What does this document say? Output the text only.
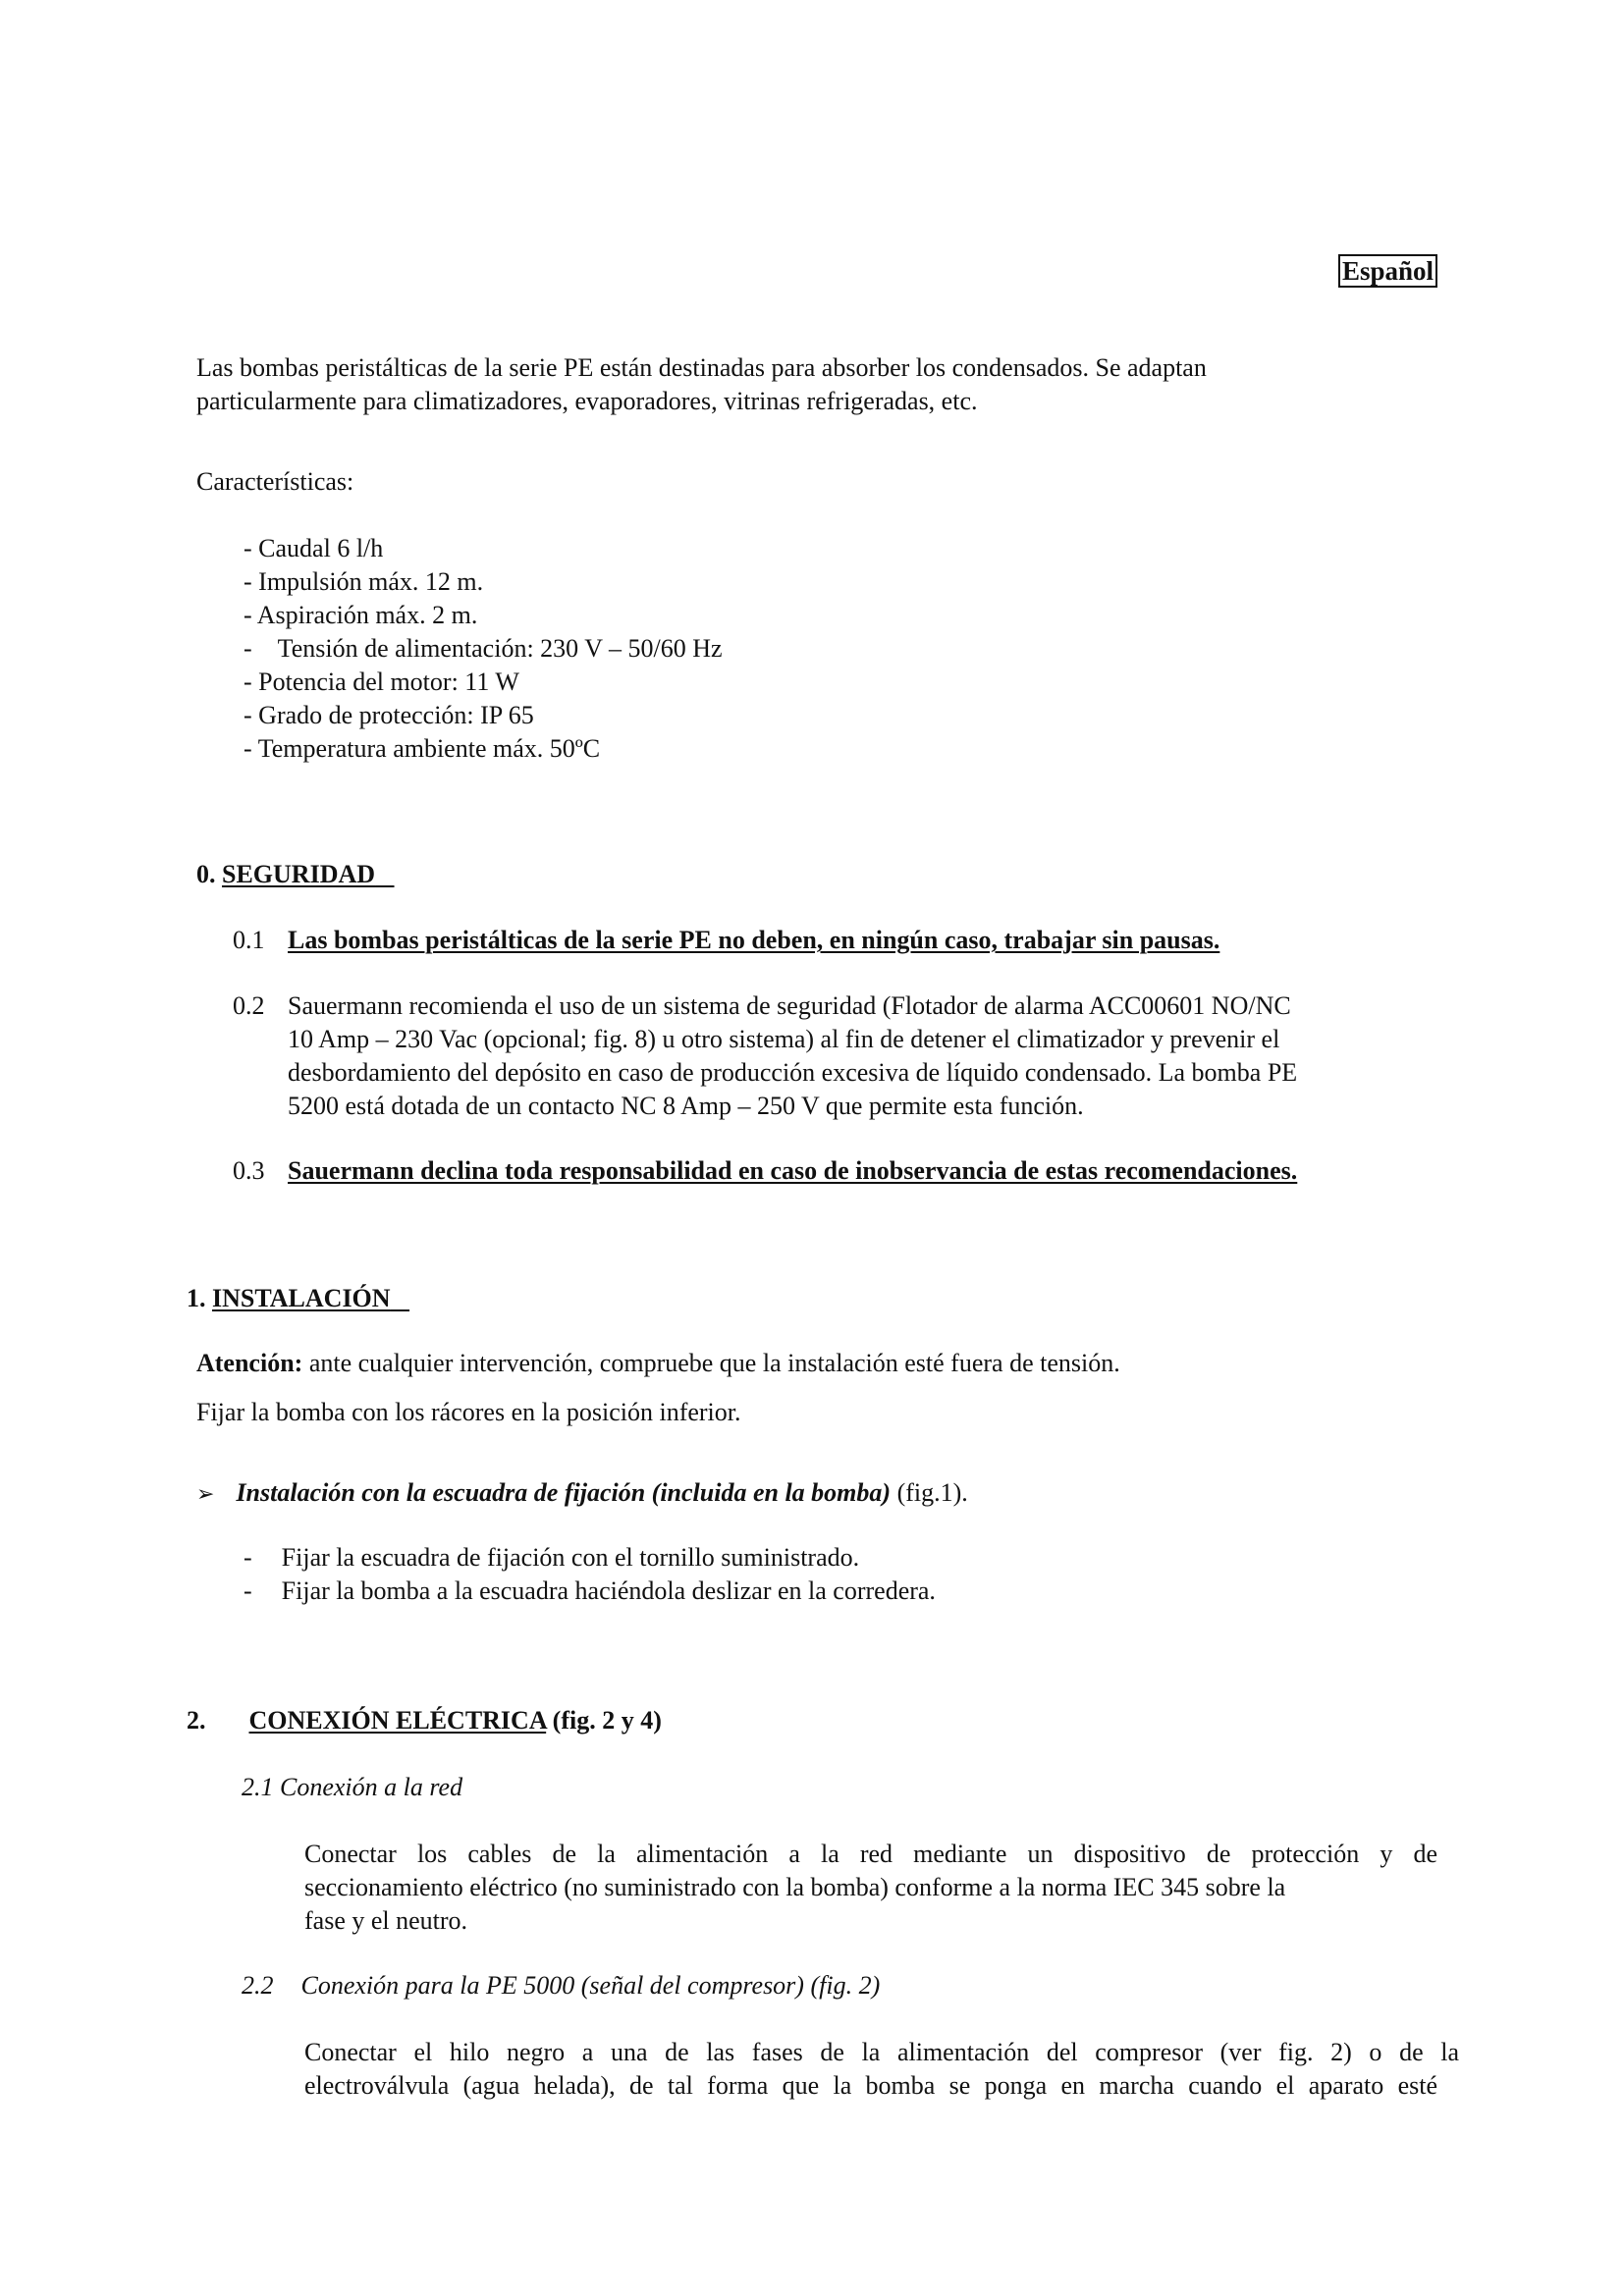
Español
Las bombas peristálticas de la serie PE están destinadas para absorber los condensados. Se adaptan
particularmente para climatizadores, evaporadores, vitrinas refrigeradas, etc.
Características:
- Caudal 6 l/h
- Impulsión máx. 12 m.
- Aspiración máx. 2 m.
- Tensión de alimentación: 230 V – 50/60 Hz
- Potencia del motor: 11 W
- Grado de protección: IP 65
- Temperatura ambiente máx. 50ºC
0. SEGURIDAD
0.1 Las bombas peristálticas de la serie PE no deben, en ningún caso, trabajar sin pausas.
0.2 Sauermann recomienda el uso de un sistema de seguridad (Flotador de alarma ACC00601 NO/NC
10 Amp – 230 Vac (opcional; fig. 8) u otro sistema) al fin de detener el climatizador y prevenir el
desbordamiento del depósito en caso de producción excesiva de líquido condensado. La bomba PE
5200 está dotada de un contacto NC 8 Amp – 250 V que permite esta función.
0.3 Sauermann declina toda responsabilidad en caso de inobservancia de estas recomendaciones.
1. INSTALACIÓN
Atención: ante cualquier intervención, compruebe que la instalación esté fuera de tensión.
Fijar la bomba con los rácores en la posición inferior.
➢ Instalación con la escuadra de fijación (incluida en la bomba) (fig.1).
- Fijar la escuadra de fijación con el tornillo suministrado.
- Fijar la bomba a la escuadra haciéndola deslizar en la corredera.
2. CONEXIÓN ELÉCTRICA (fig. 2 y 4)
2.1 Conexión a la red
Conectar los cables de la alimentación a la red mediante un dispositivo de protección y de
seccionamiento eléctrico (no suministrado con la bomba) conforme a la norma IEC 345 sobre la
fase y el neutro.
2.2 Conexión para la PE 5000 (señal del compresor) (fig. 2)
Conectar el hilo negro a una de las fases de la alimentación del compresor (ver fig. 2) o de la
electroválvula (agua helada), de tal forma que la bomba se ponga en marcha cuando el aparato esté
